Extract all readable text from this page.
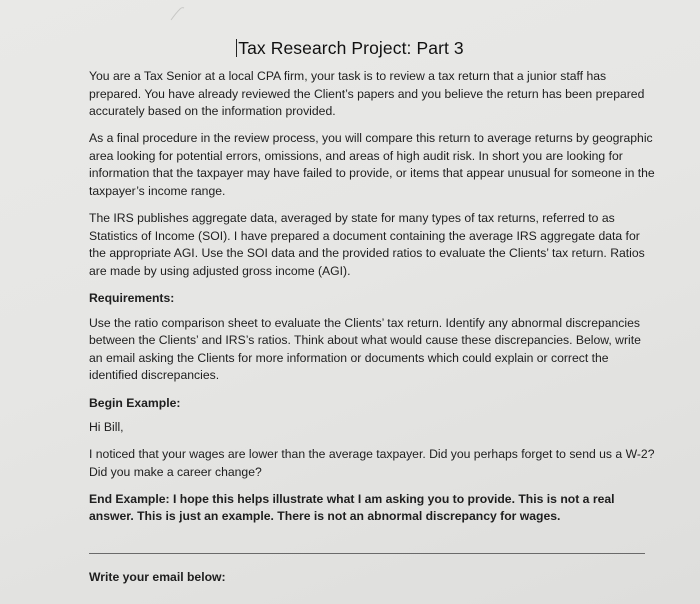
Tax Research Project: Part 3

You are a Tax Senior at a local CPA firm, your task is to review a tax return that a junior staff has prepared. You have already reviewed the Client’s papers and you believe the return has been prepared accurately based on the information provided.

As a final procedure in the review process, you will compare this return to average returns by geographic area looking for potential errors, omissions, and areas of high audit risk. In short you are looking for information that the taxpayer may have failed to provide, or items that appear unusual for someone in the taxpayer’s income range.

The IRS publishes aggregate data, averaged by state for many types of tax returns, referred to as Statistics of Income (SOI). I have prepared a document containing the average IRS aggregate data for the appropriate AGI. Use the SOI data and the provided ratios to evaluate the Clients’ tax return. Ratios are made by using adjusted gross income (AGI).

Requirements:

Use the ratio comparison sheet to evaluate the Clients’ tax return. Identify any abnormal discrepancies between the Clients’ and IRS’s ratios. Think about what would cause these discrepancies. Below, write an email asking the Clients for more information or documents which could explain or correct the identified discrepancies.

Begin Example:

Hi Bill,

I noticed that your wages are lower than the average taxpayer. Did you perhaps forget to send us a W-2? Did you make a career change?

End Example: I hope this helps illustrate what I am asking you to provide. This is not a real answer. This is just an example. There is not an abnormal discrepancy for wages.

Write your email below:
